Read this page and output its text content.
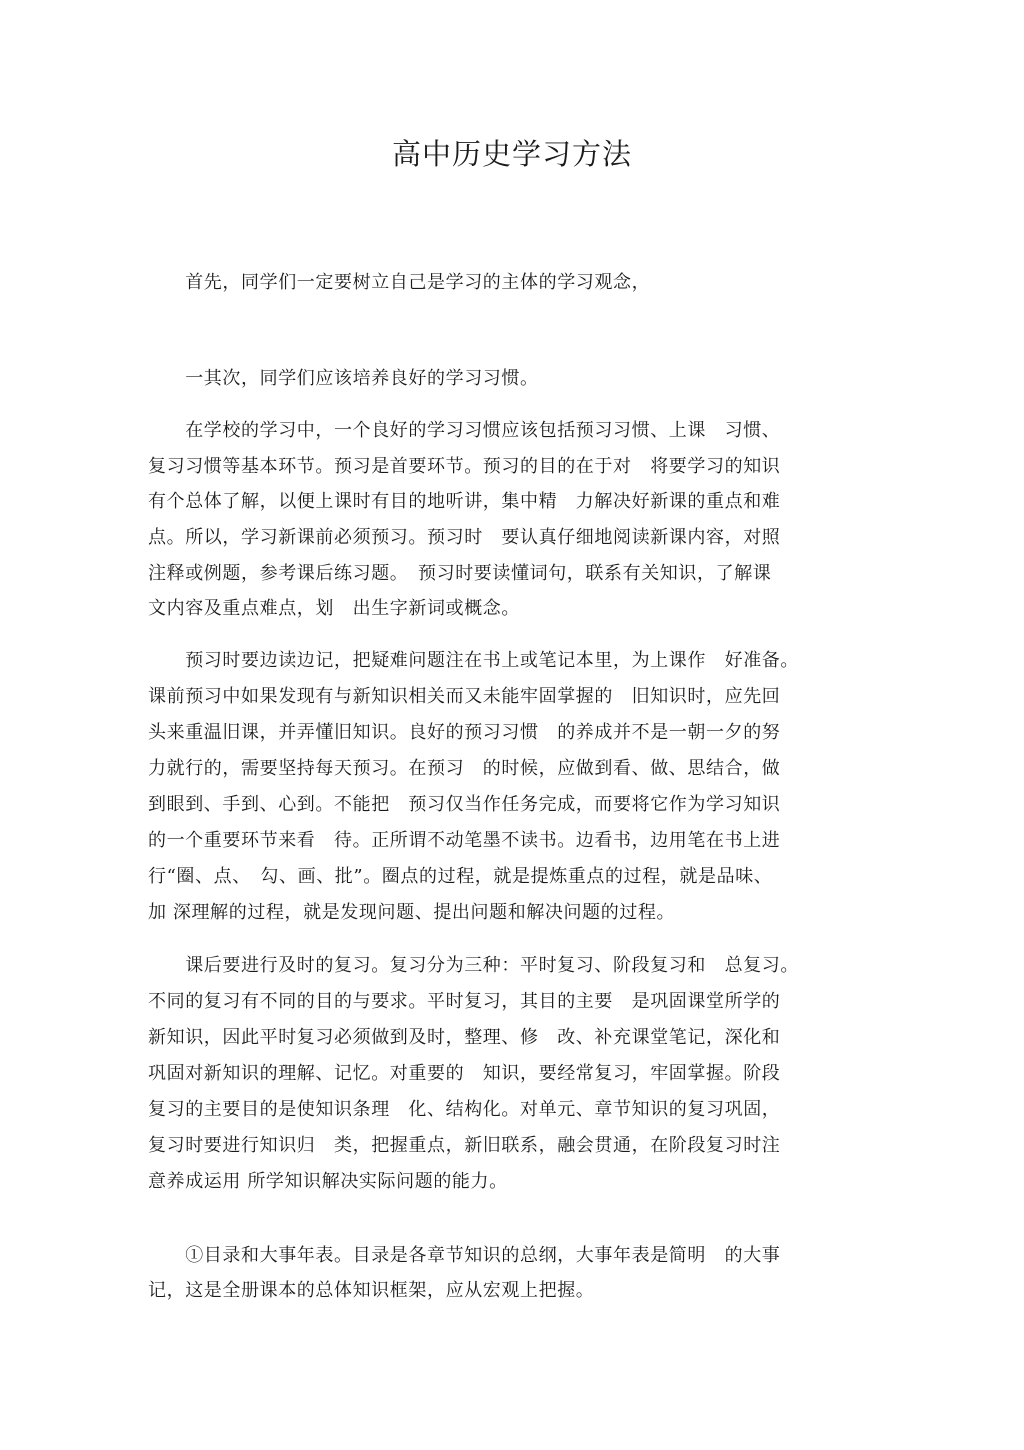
高中历史学习方法

　　首先，同学们一定要树立自己是学习的主体的学习观念，

　　一其次，同学们应该培养良好的学习习惯。

　　在学校的学习中，一个良好的学习习惯应该包括预习习惯、上课　习惯、

复习习惯等基本环节。预习是首要环节。预习的目的在于对　将要学习的知识

有个总体了解，以便上课时有目的地听讲，集中精　力解决好新课的重点和难

点。所以，学习新课前必须预习。预习时　要认真仔细地阅读新课内容，对照

注释或例题，参考课后练习题。　预习时要读懂词句，联系有关知识，了解课

文内容及重点难点，划　出生字新词或概念。

　　预习时要边读边记，把疑难问题注在书上或笔记本里，为上课作　好准备。

课前预习中如果发现有与新知识相关而又未能牢固掌握的　旧知识时，应先回

头来重温旧课，并弄懂旧知识。良好的预习习惯　的养成并不是一朝一夕的努

力就行的，需要坚持每天预习。在预习　的时候，应做到看、做、思结合，做

到眼到、手到、心到。不能把　预习仅当作任务完成，而要将它作为学习知识

的一个重要环节来看　待。正所谓不动笔墨不读书。边看书，边用笔在书上进

行“圈、点、　勾、画、批”。圈点的过程，就是提炼重点的过程，就是品味、

加 深理解的过程，就是发现问题、提出问题和解决问题的过程。

　　课后要进行及时的复习。复习分为三种：平时复习、阶段复习和　总复习。

不同的复习有不同的目的与要求。平时复习，其目的主要　是巩固课堂所学的

新知识，因此平时复习必须做到及时，整理、修　改、补充课堂笔记，深化和

巩固对新知识的理解、记忆。对重要的　知识，要经常复习，牢固掌握。阶段

复习的主要目的是使知识条理　化、结构化。对单元、章节知识的复习巩固，

复习时要进行知识归　类，把握重点，新旧联系，融会贯通，在阶段复习时注

意养成运用 所学知识解决实际问题的能力。

　　①目录和大事年表。目录是各章节知识的总纲，大事年表是简明　的大事

记，这是全册课本的总体知识框架，应从宏观上把握。
